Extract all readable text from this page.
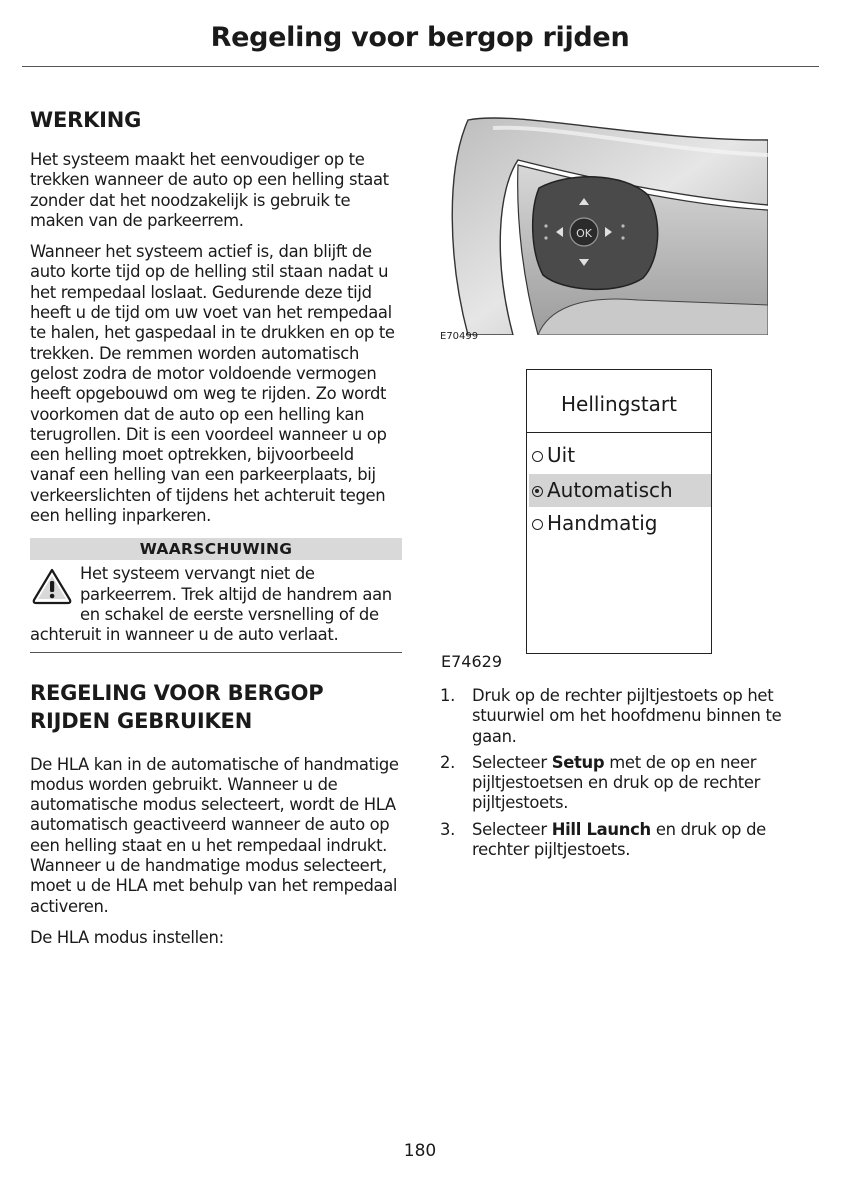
Regeling voor bergop rijden
WERKING

Het systeem maakt het eenvoudiger op te trekken wanneer de auto op een helling staat zonder dat het noodzakelijk is gebruik te maken van de parkeerrem.

Wanneer het systeem actief is, dan blijft de auto korte tijd op de helling stil staan nadat u het rempedaal loslaat. Gedurende deze tijd heeft u de tijd om uw voet van het rempedaal te halen, het gaspedaal in te drukken en op te trekken. De remmen worden automatisch gelost zodra de motor voldoende vermogen heeft opgebouwd om weg te rijden. Zo wordt voorkomen dat de auto op een helling kan terugrollen. Dit is een voordeel wanneer u op een helling moet optrekken, bijvoorbeeld vanaf een helling van een parkeerplaats, bij verkeerslichten of tijdens het achteruit tegen een helling inparkeren.

WAARSCHUWING
Het systeem vervangt niet de parkeerrem. Trek altijd de handrem aan en schakel de eerste versnelling of de achteruit in wanneer u de auto verlaat.
REGELING VOOR BERGOP
RIJDEN GEBRUIKEN

De HLA kan in de automatische of handmatige modus worden gebruikt. Wanneer u de automatische modus selecteert, wordt de HLA automatisch geactiveerd wanneer de auto op een helling staat en u het rempedaal indrukt. Wanneer u de handmatige modus selecteert, moet u de HLA met behulp van het rempedaal activeren.

De HLA modus instellen:

OK
E70499
Hellingstart
Uit
Automatisch
Handmatig
E74629
1. Druk op de rechter pijltjestoets op het stuurwiel om het hoofdmenu binnen te gaan.
2. Selecteer Setup met de op en neer pijltjestoetsen en druk op de rechter pijltjestoets.
3. Selecteer Hill Launch en druk op de rechter pijltjestoets.
180
